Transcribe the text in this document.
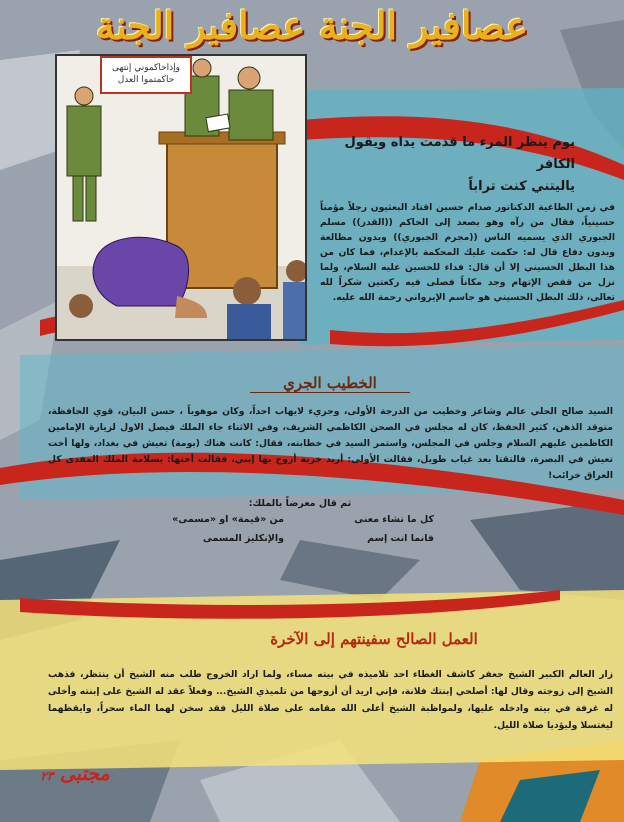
عصافير الجنة عصافير الجنة
وإذاحاكموني إنتهى
حاكمتموا العدل
يوم ينظر المرء ما قدمت يداه ويقول الكافر
ياليتني كنت تراباً
في زمن الطاغية الدكتاتور صدام حسين اقتاد البعثيون رجلاً مؤمناً حسينياً، فقال من رآه وهو يصعد إلى الحاكم ((القدر)) مسلم الجبوري الذي يسميه الناس ((مجرم الجبوري)) وبدون مطالعة وبدون دفاع قال له: حكمت عليك المحكمة بالإعدام، فما كان من هذا البطل الحسيني إلا أن قال: فداء للحسين عليه السلام، ولما نزل من قفص الإتهام وجد مكاناً فصلى فيه ركعتين شكراً لله تعالى، ذلك البطل الحسيني هو جاسم الإيرواني رحمة الله عليه.
الخطيب الجري
السيد صالح الحلي عالم وشاعر وخطيب من الدرجة الأولى، وجريء لايهاب احداً، وكان موهوباً ، حسن البيان، قوي الحافظة، متوقد الذهن، كثير الحفظ، كان له مجلس في الصحن الكاظمي الشريف، وفي الاثناء جاء الملك فيصل الاول لزيارة الإمامين الكاظمين عليهم السلام وجلس في المجلس، واستمر السيد في خطابته، فقال: كانت هناك (بومة) تعيش في بغداد، ولها أخت تعيش في البصرة، فالتقتا بعد غياب طويل، فقالت الأولى: أريد خربة أزوج بها إبني، فقالت أختها: بسلامة الملك المفدى كل العراق خرائب!
ثم قال معرضاً بالملك:
كل ما تشاء معنى
من «قيمة» او «مسمى»
فانما انت إسم
والإنكليز المسمى
العمل الصالح سفينتهم إلى الآخرة
زار العالم الكبير الشيخ جعفر كاشف الغطاء احد تلاميذه في بيته مساء، ولما اراد الخروج طلب منه الشيخ أن ينتظر، فذهب الشيخ إلى زوجته وقال لها: أصلحي إبنتك فلانة، فإني اريد أن أزوجها من تلميذي الشيخ... وفعلاً عقد له الشيخ على إبنته وأخلى له غرفة في بيته وادخله عليها، ولمواظبة الشيخ أعلى الله مقامه على صلاة الليل فقد سخن لهما الماء سحراً، وايقظهما ليغتسلا وليؤديا صلاة الليل.
مجتبى ٢٣
